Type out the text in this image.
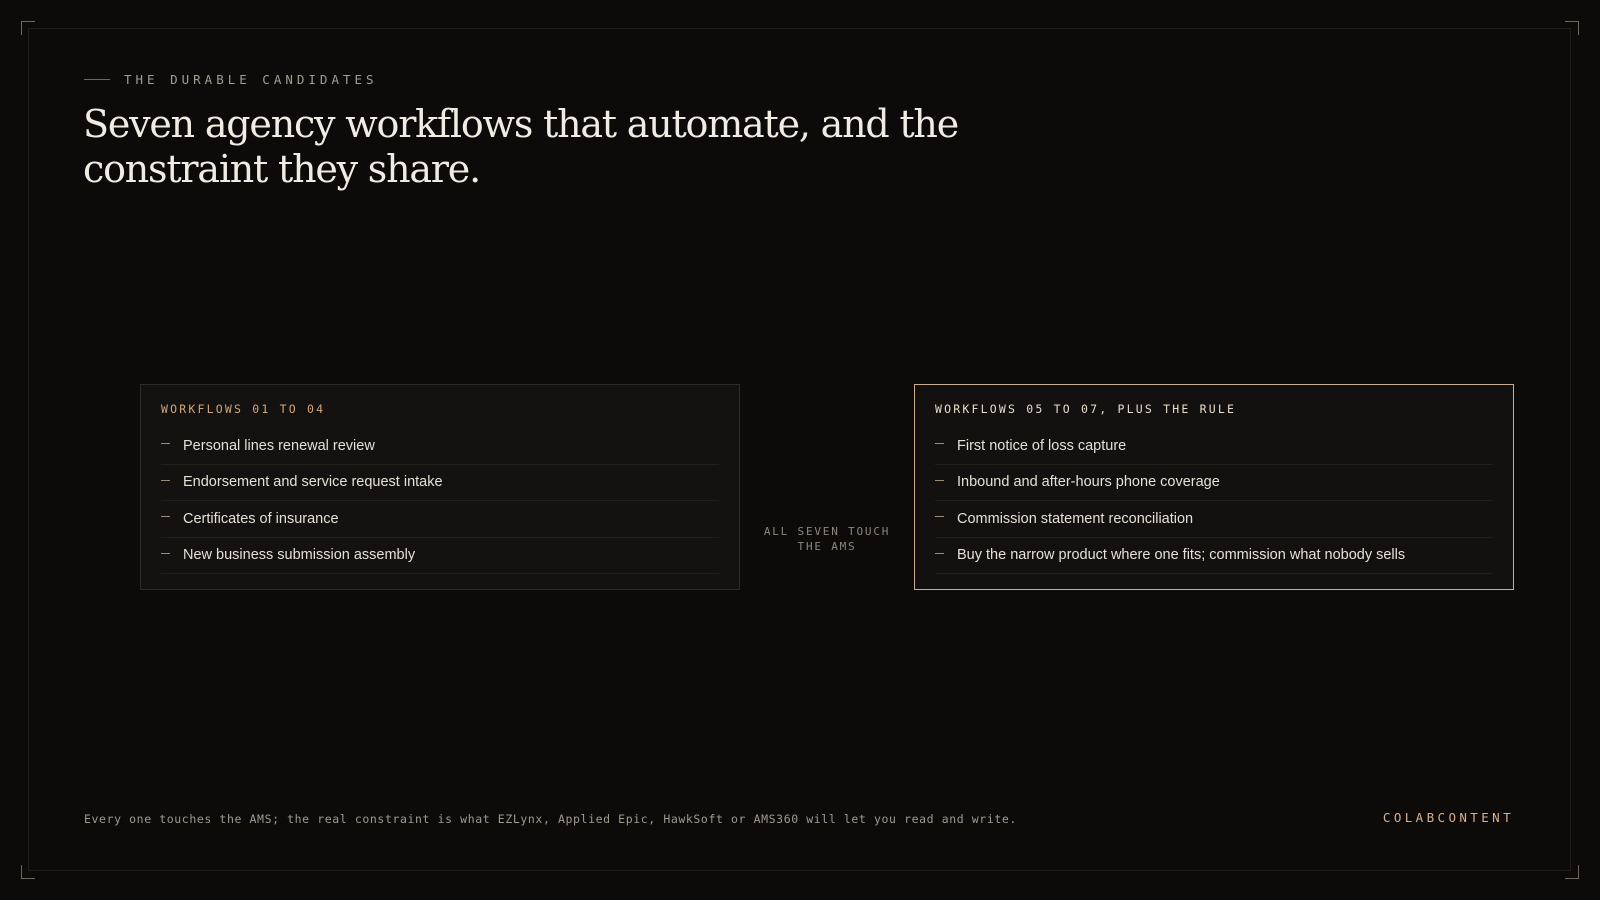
THE DURABLE CANDIDATES
Seven agency workflows that automate, and the constraint they share.
WORKFLOWS 01 TO 04
Personal lines renewal review
Endorsement and service request intake
Certificates of insurance
New business submission assembly
ALL SEVEN TOUCH
THE AMS
WORKFLOWS 05 TO 07, PLUS THE RULE
First notice of loss capture
Inbound and after-hours phone coverage
Commission statement reconciliation
Buy the narrow product where one fits; commission what nobody sells
Every one touches the AMS; the real constraint is what EZLynx, Applied Epic, HawkSoft or AMS360 will let you read and write.	COLABCONTENT
